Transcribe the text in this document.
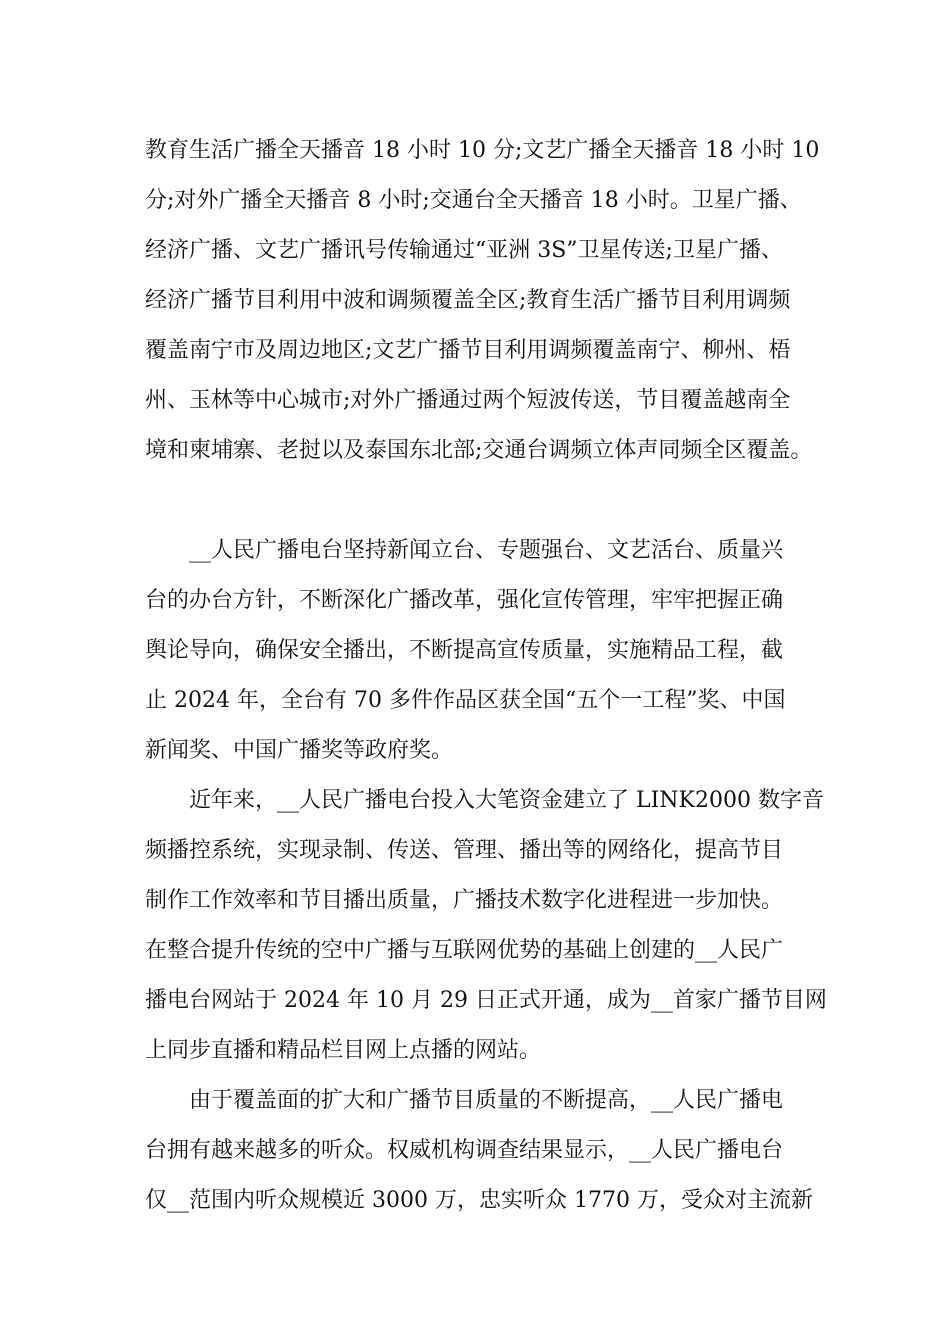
教育生活广播全天播音 18 小时 10 分;文艺广播全天播音 18 小时 10
分;对外广播全天播音 8 小时;交通台全天播音 18 小时。卫星广播、
经济广播、文艺广播讯号传输通过“亚洲 3S”卫星传送;卫星广播、
经济广播节目利用中波和调频覆盖全区;教育生活广播节目利用调频
覆盖南宁市及周边地区;文艺广播节目利用调频覆盖南宁、柳州、梧
州、玉林等中心城市;对外广播通过两个短波传送，节目覆盖越南全
境和柬埔寨、老挝以及泰国东北部;交通台调频立体声同频全区覆盖。
__人民广播电台坚持新闻立台、专题强台、文艺活台、质量兴
台的办台方针，不断深化广播改革，强化宣传管理，牢牢把握正确
舆论导向，确保安全播出，不断提高宣传质量，实施精品工程，截
止 2024 年，全台有 70 多件作品区获全国“五个一工程”奖、中国
新闻奖、中国广播奖等政府奖。
近年来，__人民广播电台投入大笔资金建立了 LINK2000 数字音
频播控系统，实现录制、传送、管理、播出等的网络化，提高节目
制作工作效率和节目播出质量，广播技术数字化进程进一步加快。
在整合提升传统的空中广播与互联网优势的基础上创建的__人民广
播电台网站于 2024 年 10 月 29 日正式开通，成为__首家广播节目网
上同步直播和精品栏目网上点播的网站。
由于覆盖面的扩大和广播节目质量的不断提高，__人民广播电
台拥有越来越多的听众。权威机构调查结果显示，__人民广播电台
仅__范围内听众规模近 3000 万，忠实听众 1770 万，受众对主流新
